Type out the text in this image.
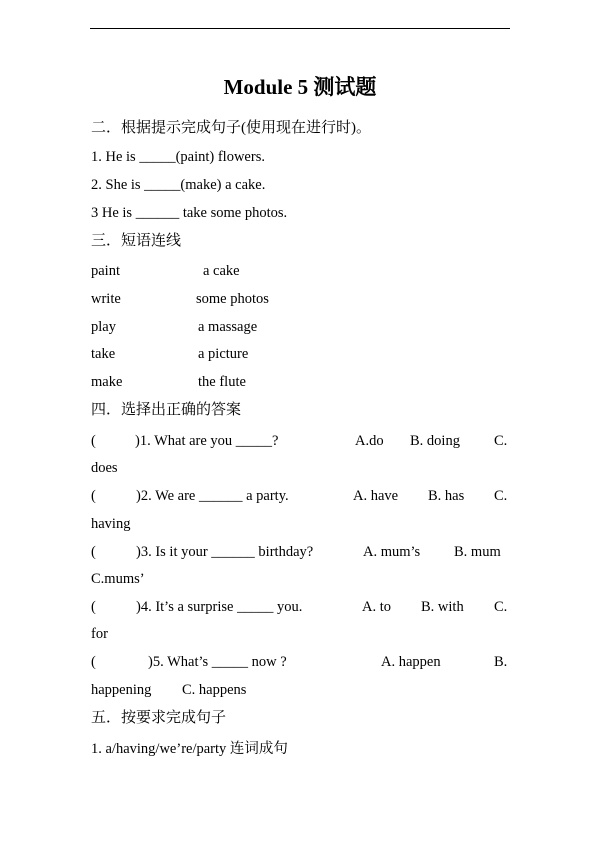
Module 5 测试题
二．根据提示完成句子(使用现在进行时)。
1. He is _____(paint) flowers.
2. She is _____(make) a cake.
3 He is ______ take some photos.
三．短语连线
paint	a cake
write	some photos
play	a massage
take	a picture
make	the flute
四．选择出正确的答案
(	)1. What are you _____?	A.do B. doing C.
does
(	)2. We are ______ a party.	A. have B. has C.
having
(	)3. Is it your ______ birthday?	A. mum’s B. mum
C.mums’
(	)4. It’s a surprise _____ you.	A. to B. with C.
for
(	)5. What’s _____ now ?	A. happen	B.
happening C. happens
五．按要求完成句子
1. a/having/we’re/party 连词成句
